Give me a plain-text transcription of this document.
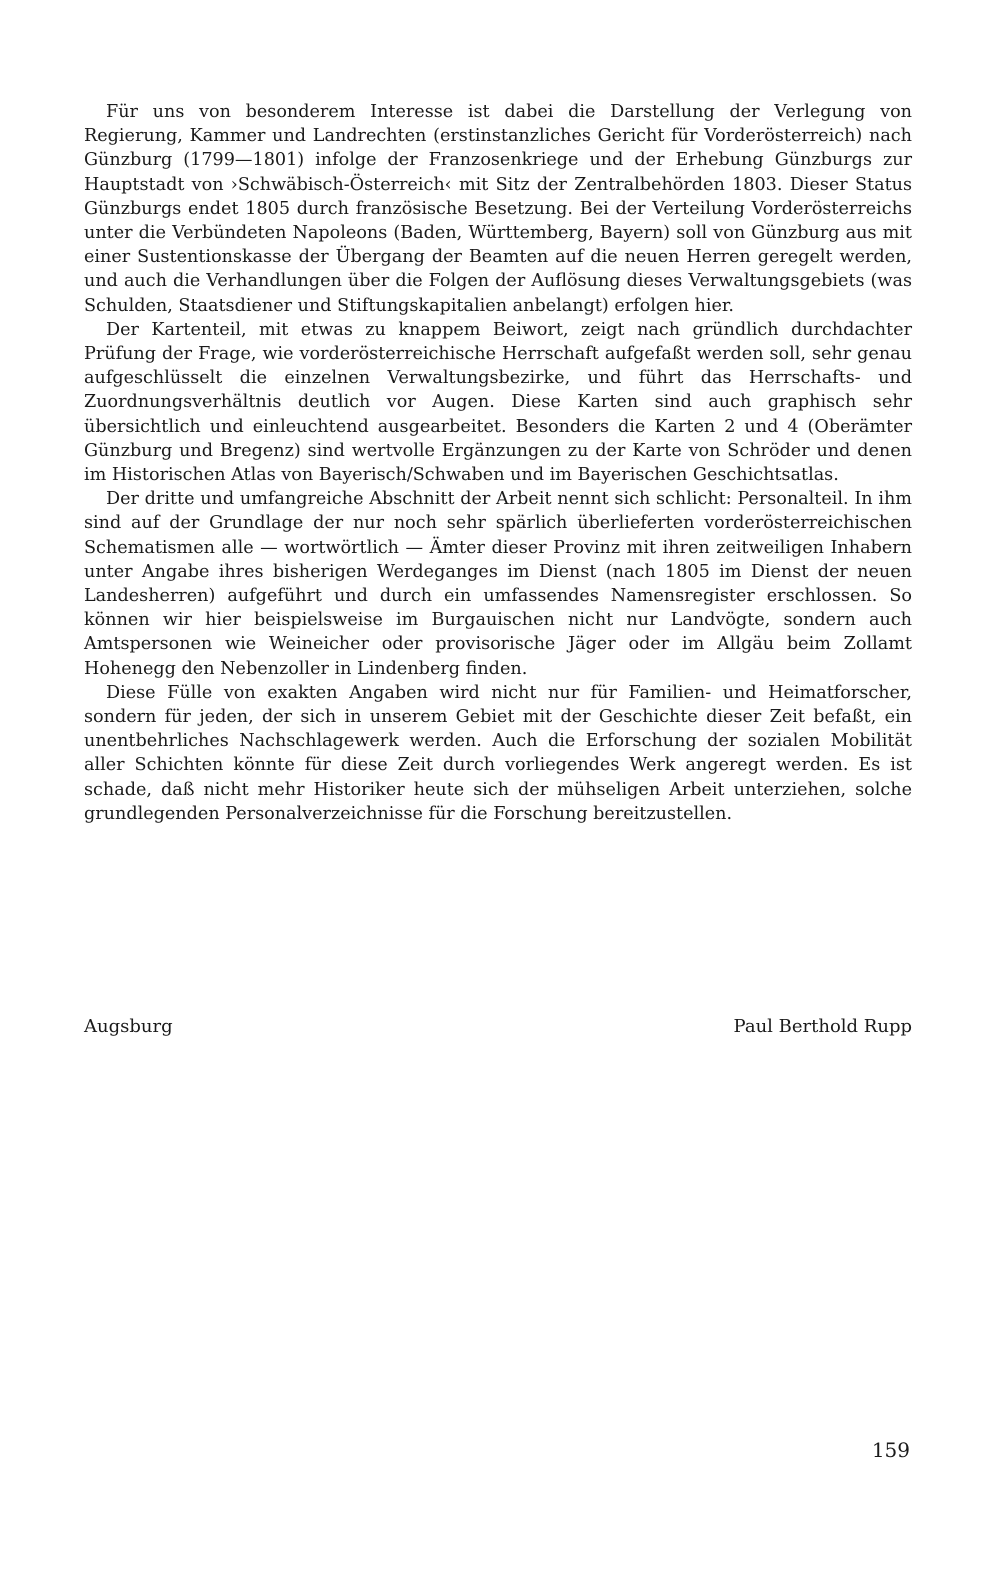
Für uns von besonderem Interesse ist dabei die Darstellung der Verlegung von Regierung, Kammer und Landrechten (erstinstanzliches Gericht für Vorderösterreich) nach Günzburg (1799—1801) infolge der Franzosenkriege und der Erhebung Günzburgs zur Hauptstadt von ›Schwäbisch-Österreich‹ mit Sitz der Zentralbehörden 1803. Dieser Status Günzburgs endet 1805 durch französische Besetzung. Bei der Verteilung Vorderösterreichs unter die Verbündeten Napoleons (Baden, Württemberg, Bayern) soll von Günzburg aus mit einer Sustentionskasse der Übergang der Beamten auf die neuen Herren geregelt werden, und auch die Verhandlungen über die Folgen der Auflösung dieses Verwaltungsgebiets (was Schulden, Staatsdiener und Stiftungskapitalien anbelangt) erfolgen hier.

Der Kartenteil, mit etwas zu knappem Beiwort, zeigt nach gründlich durchdachter Prüfung der Frage, wie vorderösterreichische Herrschaft aufgefaßt werden soll, sehr genau aufgeschlüsselt die einzelnen Verwaltungsbezirke, und führt das Herrschafts- und Zuordnungsverhältnis deutlich vor Augen. Diese Karten sind auch graphisch sehr übersichtlich und einleuchtend ausgearbeitet. Besonders die Karten 2 und 4 (Oberämter Günzburg und Bregenz) sind wertvolle Ergänzungen zu der Karte von Schröder und denen im Historischen Atlas von Bayerisch/Schwaben und im Bayerischen Geschichtsatlas.

Der dritte und umfangreiche Abschnitt der Arbeit nennt sich schlicht: Personalteil. In ihm sind auf der Grundlage der nur noch sehr spärlich überlieferten vorderösterreichischen Schematismen alle — wortwörtlich — Ämter dieser Provinz mit ihren zeitweiligen Inhabern unter Angabe ihres bisherigen Werdeganges im Dienst (nach 1805 im Dienst der neuen Landesherren) aufgeführt und durch ein umfassendes Namensregister erschlossen. So können wir hier beispielsweise im Burgauischen nicht nur Landvögte, sondern auch Amtspersonen wie Weineicher oder provisorische Jäger oder im Allgäu beim Zollamt Hohenegg den Nebenzoller in Lindenberg finden.

Diese Fülle von exakten Angaben wird nicht nur für Familien- und Heimatforscher, sondern für jeden, der sich in unserem Gebiet mit der Geschichte dieser Zeit befaßt, ein unentbehrliches Nachschlagewerk werden. Auch die Erforschung der sozialen Mobilität aller Schichten könnte für diese Zeit durch vorliegendes Werk angeregt werden. Es ist schade, daß nicht mehr Historiker heute sich der mühseligen Arbeit unterziehen, solche grundlegenden Personalverzeichnisse für die Forschung bereitzustellen.

Augsburg	Paul Berthold Rupp
159
